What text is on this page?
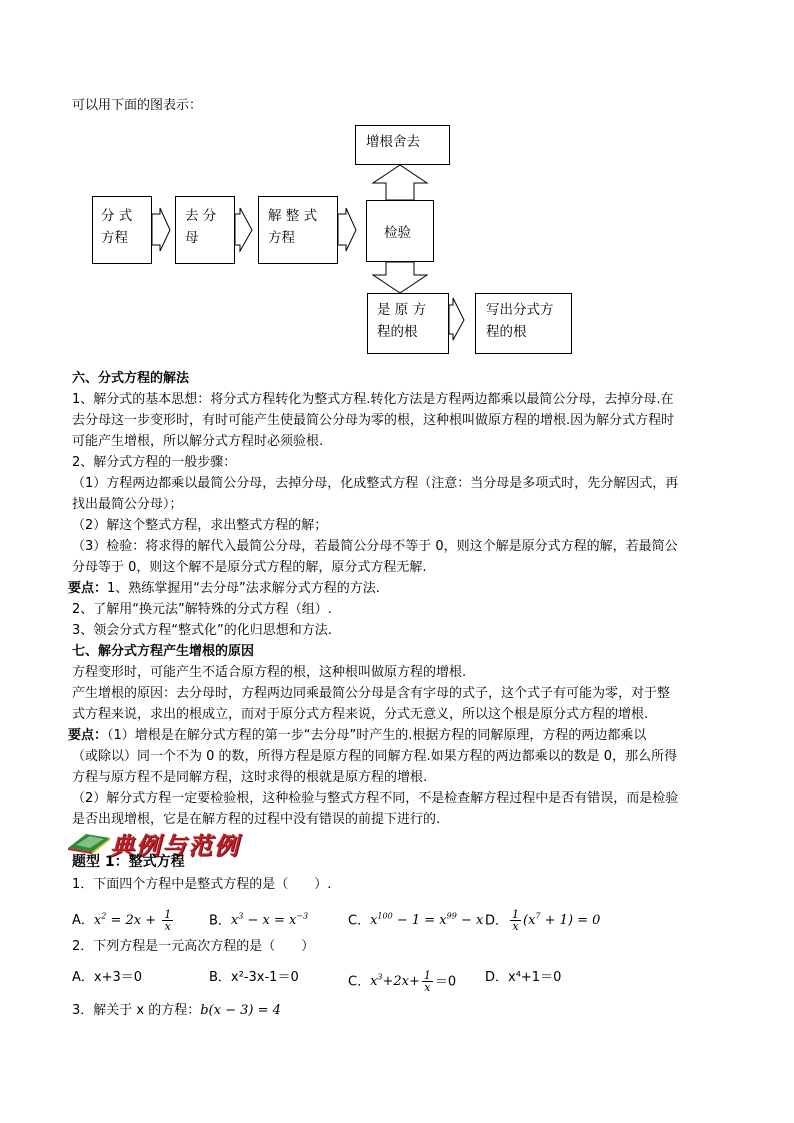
可以用下面的图表示：
分 式
方程
去 分
母
解 整 式
方程	检验
增根舍去
是 原 方
程的根
写出分式方
程的根
六、分式方程的解法
1、解分式的基本思想：将分式方程转化为整式方程.转化方法是方程两边都乘以最简公分母，去掉分母.在
去分母这一步变形时，有时可能产生使最简公分母为零的根，这种根叫做原方程的增根.因为解分式方程时
可能产生增根，所以解分式方程时必须验根.
2、解分式方程的一般步骤：
（1）方程两边都乘以最简公分母，去掉分母，化成整式方程（注意：当分母是多项式时，先分解因式，再
找出最简公分母）；
（2）解这个整式方程，求出整式方程的解；
（3）检验：将求得的解代入最简公分母，若最简公分母不等于 0，则这个解是原分式方程的解，若最简公
分母等于 0，则这个解不是原分式方程的解，原分式方程无解.
要点：1、熟练掌握用“去分母”法求解分式方程的方法.
2、了解用“换元法”解特殊的分式方程（组）.
3、领会分式方程“整式化”的化归思想和方法.
七、解分式方程产生增根的原因
方程变形时，可能产生不适合原方程的根，这种根叫做原方程的增根.
产生增根的原因：去分母时，方程两边同乘最简公分母是含有字母的式子，这个式子有可能为零，对于整
式方程来说，求出的根成立，而对于原分式方程来说，分式无意义，所以这个根是原分式方程的增根.
要点：（1）增根是在解分式方程的第一步“去分母”时产生的.根据方程的同解原理，方程的两边都乘以
（或除以）同一个不为 0 的数，所得方程是原方程的同解方程.如果方程的两边都乘以的数是 0，那么所得
方程与原方程不是同解方程，这时求得的根就是原方程的增根.
（2）解分式方程一定要检验根，这种检验与整式方程不同，不是检查解方程过程中是否有错误，而是检验
是否出现增根，它是在解方程的过程中没有错误的前提下进行的.
典例与范例
题型 1：整式方程
1．下面四个方程中是整式方程的是（　　）.
A．$x^2 = 2x + \frac{1}{x}$	B．$x^3 - x = x^{-3}$	C．$x^{100} - 1 = x^{99} - x$ D． $\frac{1}{x} (x^7 + 1) = 0$
2．下列方程是一元高次方程的是（　　）
A．x+3＝0	B．x²-3x-1＝0	C．$x^3+2x+ \frac{1}{x} =0$ D．x⁴+1＝0
3．解关于 x 的方程：b(x − 3) = 4
